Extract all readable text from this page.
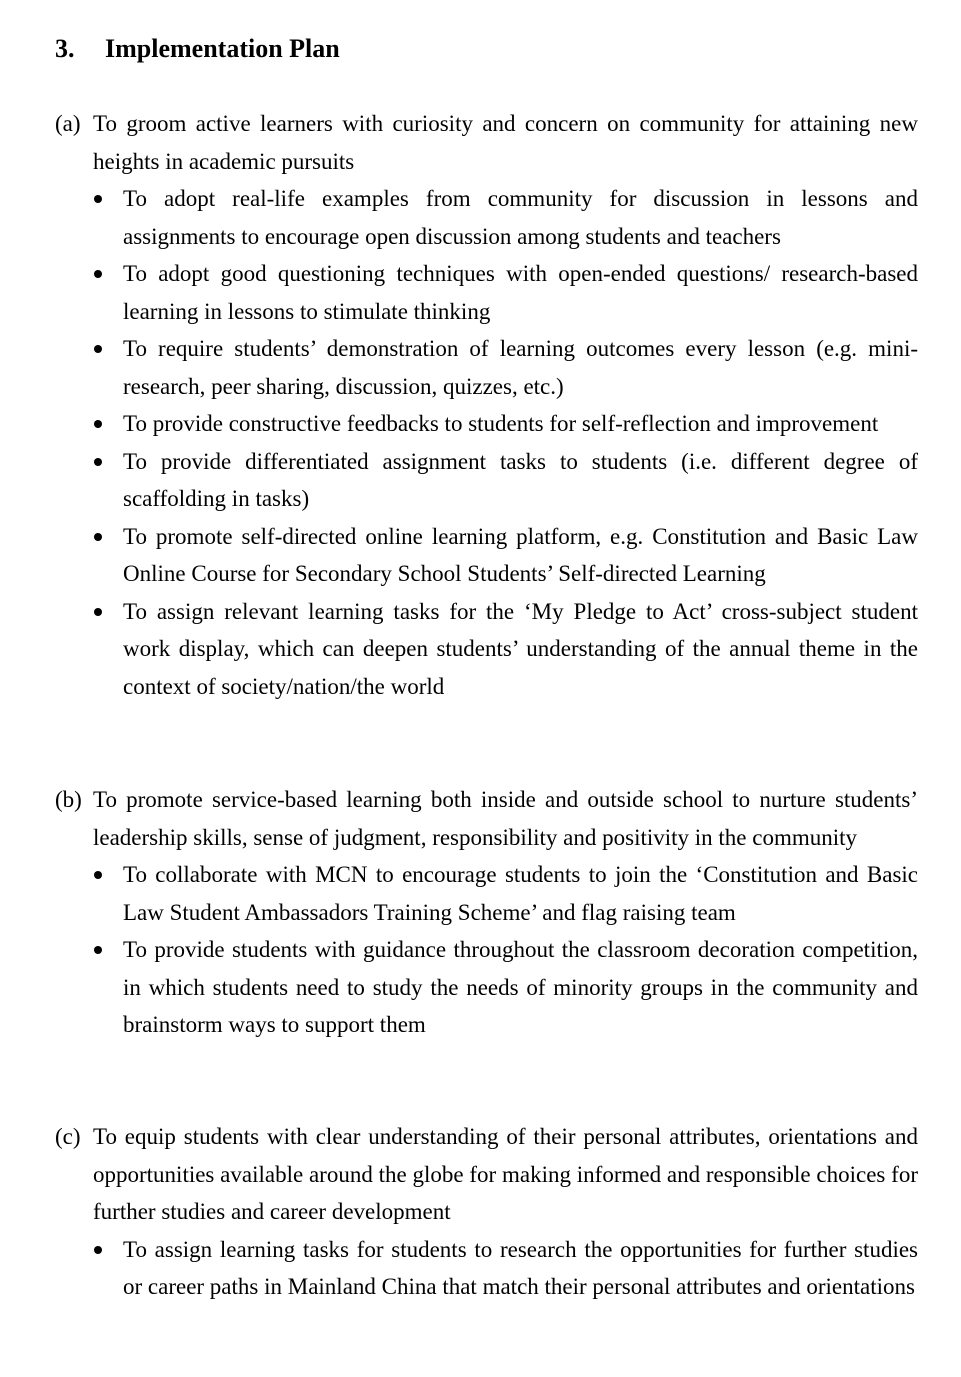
3. Implementation Plan
(a) To groom active learners with curiosity and concern on community for attaining new heights in academic pursuits
To adopt real-life examples from community for discussion in lessons and assignments to encourage open discussion among students and teachers
To adopt good questioning techniques with open-ended questions/ research-based learning in lessons to stimulate thinking
To require students’ demonstration of learning outcomes every lesson (e.g. mini-research, peer sharing, discussion, quizzes, etc.)
To provide constructive feedbacks to students for self-reflection and improvement
To provide differentiated assignment tasks to students (i.e. different degree of scaffolding in tasks)
To promote self-directed online learning platform, e.g. Constitution and Basic Law Online Course for Secondary School Students’ Self-directed Learning
To assign relevant learning tasks for the ‘My Pledge to Act’ cross-subject student work display, which can deepen students’ understanding of the annual theme in the context of society/nation/the world
(b) To promote service-based learning both inside and outside school to nurture students’ leadership skills, sense of judgment, responsibility and positivity in the community
To collaborate with MCN to encourage students to join the ‘Constitution and Basic Law Student Ambassadors Training Scheme’ and flag raising team
To provide students with guidance throughout the classroom decoration competition, in which students need to study the needs of minority groups in the community and brainstorm ways to support them
(c) To equip students with clear understanding of their personal attributes, orientations and opportunities available around the globe for making informed and responsible choices for further studies and career development
To assign learning tasks for students to research the opportunities for further studies or career paths in Mainland China that match their personal attributes and orientations
